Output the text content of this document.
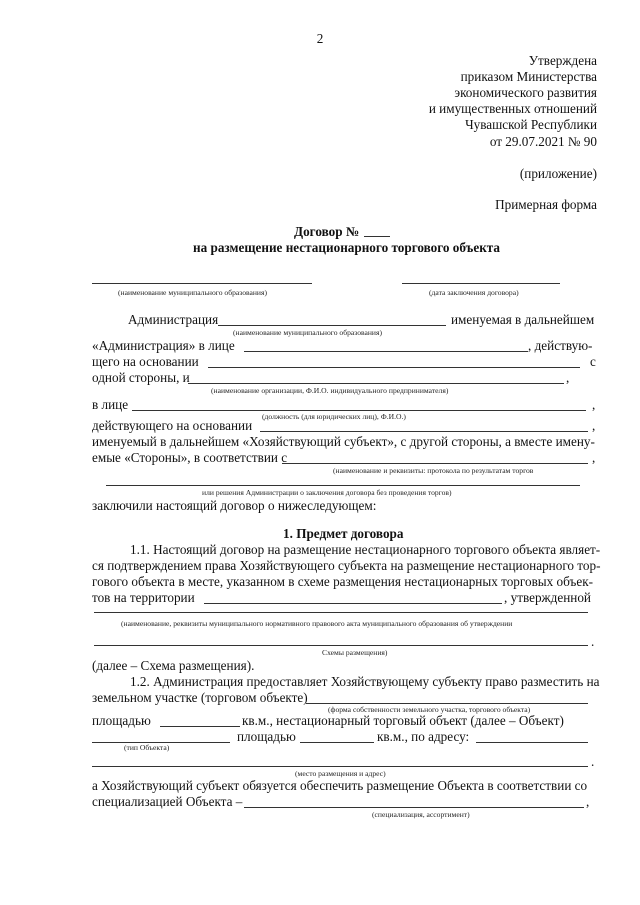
2
Утверждена
приказом Министерства
экономического развития
и имущественных отношений
Чувашской Республики
от 29.07.2021 № 90
(приложение)
Примерная форма
Договор №
на размещение нестационарного торгового объекта
(наименование муниципального образования)	(дата заключения договора)
Администрация	именуемая в дальнейшем
(наименование муниципального образования)
«Администрация» в лице	, действую-
щего на основании	с
одной стороны, и	,
(наименование организации, Ф.И.О. индивидуального предпринимателя)
в лице	,
(должность (для юридических лиц), Ф.И.О.)
действующего на основании	,
именуемый в дальнейшем «Хозяйствующий субъект», с другой стороны, а вместе имену-
емые «Стороны», в соответствии с	,
(наименование и реквизиты: протокола по результатам торгов
или решения Администрации о заключения договора без проведения торгов)
заключили настоящий договор о нижеследующем:
1. Предмет договора
1.1. Настоящий договор на размещение нестационарного торгового объекта являет-
ся подтверждением права Хозяйствующего субъекта на размещение нестационарного тор-
гового объекта в месте, указанном в схеме размещения нестационарных торговых объек-
тов на территории	, утвержденной
(наименование, реквизиты муниципального нормативного правового акта муниципального образования об утверждении
.
Схемы размещения)
(далее – Схема размещения).
1.2. Администрация предоставляет Хозяйствующему субъекту право разместить на
земельном участке (торговом объекте)
(форма собственности земельного участка, торгового объекта)
площадью	кв.м., нестационарный торговый объект (далее – Объект)
площадью	кв.м., по адресу:
(тип Объекта)
.
(место размещения и адрес)
а Хозяйствующий субъект обязуется обеспечить размещение Объекта в соответствии со
специализацией Объекта –	,
(специализация, ассортимент)
